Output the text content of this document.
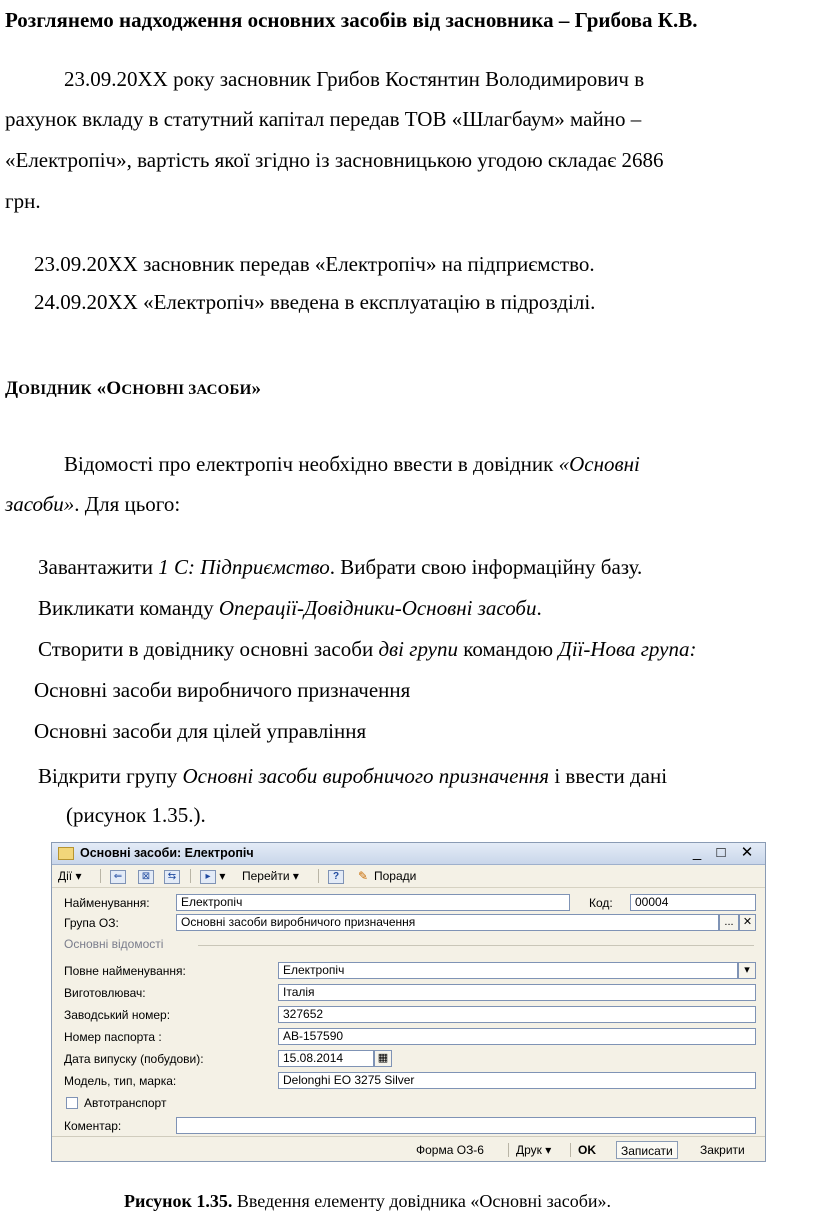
Розглянемо надходження основних засобів від засновника – Грибова К.В.

23.09.20ХХ року засновник Грибов Костянтин Володимирович в

рахунок вкладу в статутний капітал передав ТОВ «Шлагбаум» майно –

«Електропіч», вартість якої згідно із засновницькою угодою складає 2686

грн.

23.09.20ХХ засновник передав «Електропіч» на підприємство.

24.09.20ХХ «Електропіч» введена в експлуатацію в підрозділі.

ДОВІДНИК «ОСНОВНІ ЗАСОБИ»

Відомості про електропіч необхідно ввести в довідник «Основні

засоби». Для цього:

Завантажити 1 С: Підприємство. Вибрати свою інформаційну базу.

Викликати команду Операції-Довідники-Основні засоби.

Створити в довіднику основні засоби дві групи командою Дії-Нова група:

Основні засоби виробничого призначення

Основні засоби для цілей управління

Відкрити групу Основні засоби виробничого призначення і ввести дані

(рисунок 1.35.).

Основні засоби: Електропіч	_	□	✕
Дії ▾	⇐	⊠	⇆	▸ ▾ Перейти ▾	?	✎ Поради
Найменування:	Електропіч	Код:	00004
Група ОЗ:	Основні засоби виробничого призначення	... ✕
Основні відомості
Повне найменування:	Електропіч	▾
Виготовлювач:	Італія
Заводський номер:	327652
Номер паспорта :	АВ-157590
Дата випуску (побудови):	15.08.2014	▦
Модель, тип, марка:	Delonghi EO 3275 Silver
Автотранспорт
Коментар:
Форма ОЗ-6	Друк ▾ OK	Записати	Закрити

Рисунок 1.35. Введення елементу довідника «Основні засоби».
